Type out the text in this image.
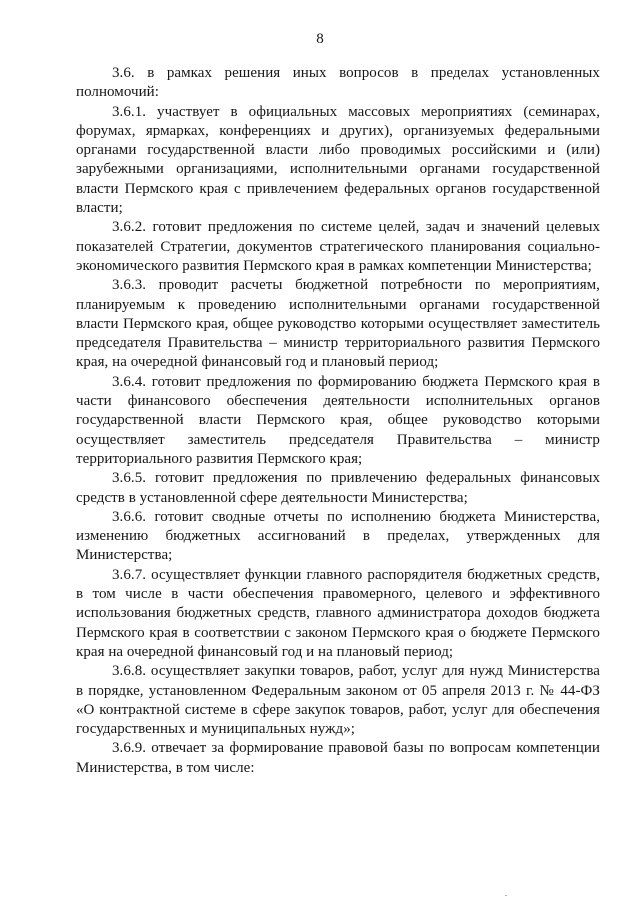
8

3.6. в рамках решения иных вопросов в пределах установленных полномочий:

3.6.1. участвует в официальных массовых мероприятиях (семинарах, форумах, ярмарках, конференциях и других), организуемых федеральными органами государственной власти либо проводимых российскими и (или) зарубежными организациями, исполнительными органами государственной власти Пермского края с привлечением федеральных органов государственной власти;

3.6.2. готовит предложения по системе целей, задач и значений целевых показателей Стратегии, документов стратегического планирования социально-экономического развития Пермского края в рамках компетенции Министерства;

3.6.3. проводит расчеты бюджетной потребности по мероприятиям, планируемым к проведению исполнительными органами государственной власти Пермского края, общее руководство которыми осуществляет заместитель председателя Правительства – министр территориального развития Пермского края, на очередной финансовый год и плановый период;

3.6.4. готовит предложения по формированию бюджета Пермского края в части финансового обеспечения деятельности исполнительных органов государственной власти Пермского края, общее руководство которыми осуществляет заместитель председателя Правительства – министр территориального развития Пермского края;

3.6.5. готовит предложения по привлечению федеральных финансовых средств в установленной сфере деятельности Министерства;

3.6.6. готовит сводные отчеты по исполнению бюджета Министерства, изменению бюджетных ассигнований в пределах, утвержденных для Министерства;

3.6.7. осуществляет функции главного распорядителя бюджетных средств, в том числе в части обеспечения правомерного, целевого и эффективного использования бюджетных средств, главного администратора доходов бюджета Пермского края в соответствии с законом Пермского края о бюджете Пермского края на очередной финансовый год и на плановый период;

3.6.8. осуществляет закупки товаров, работ, услуг для нужд Министерства в порядке, установленном Федеральным законом от 05 апреля 2013 г. № 44-ФЗ «О контрактной системе в сфере закупок товаров, работ, услуг для обеспечения государственных и муниципальных нужд»;

3.6.9. отвечает за формирование правовой базы по вопросам компетенции Министерства, в том числе:
